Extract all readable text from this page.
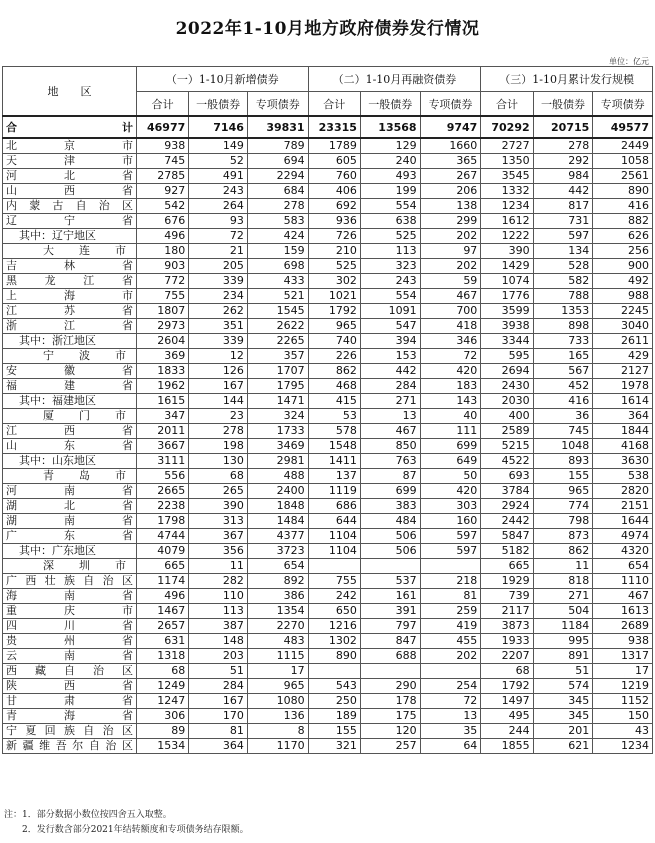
2022年1-10月地方政府债券发行情况
单位：亿元
地　　区	（一）1-10月新增债券			（二）1-10月再融资债券			（三）1-10月累计发行规模		
	合计	一般债券	专项债券	合计	一般债券	专项债券	合计	一般债券	专项债券
合计	46977	7146	39831	23315	13568	9747	70292	20715	49577
北京市	938	149	789	1789	129	1660	2727	278	2449
天津市	745	52	694	605	240	365	1350	292	1058
河北省	2785	491	2294	760	493	267	3545	984	2561
山西省	927	243	684	406	199	206	1332	442	890
内蒙古自治区	542	264	278	692	554	138	1234	817	416
辽宁省	676	93	583	936	638	299	1612	731	882
其中：辽宁地区	496	72	424	726	525	202	1222	597	626
大连市	180	21	159	210	113	97	390	134	256
吉林省	903	205	698	525	323	202	1429	528	900
黑龙江省	772	339	433	302	243	59	1074	582	492
上海市	755	234	521	1021	554	467	1776	788	988
江苏省	1807	262	1545	1792	1091	700	3599	1353	2245
浙江省	2973	351	2622	965	547	418	3938	898	3040
其中：浙江地区	2604	339	2265	740	394	346	3344	733	2611
宁波市	369	12	357	226	153	72	595	165	429
安徽省	1833	126	1707	862	442	420	2694	567	2127
福建省	1962	167	1795	468	284	183	2430	452	1978
其中：福建地区	1615	144	1471	415	271	143	2030	416	1614
厦门市	347	23	324	53	13	40	400	36	364
江西省	2011	278	1733	578	467	111	2589	745	1844
山东省	3667	198	3469	1548	850	699	5215	1048	4168
其中：山东地区	3111	130	2981	1411	763	649	4522	893	3630
青岛市	556	68	488	137	87	50	693	155	538
河南省	2665	265	2400	1119	699	420	3784	965	2820
湖北省	2238	390	1848	686	383	303	2924	774	2151
湖南省	1798	313	1484	644	484	160	2442	798	1644
广东省	4744	367	4377	1104	506	597	5847	873	4974
其中：广东地区	4079	356	3723	1104	506	597	5182	862	4320
深圳市	665	11	654				665	11	654
广西壮族自治区	1174	282	892	755	537	218	1929	818	1110
海南省	496	110	386	242	161	81	739	271	467
重庆市	1467	113	1354	650	391	259	2117	504	1613
四川省	2657	387	2270	1216	797	419	3873	1184	2689
贵州省	631	148	483	1302	847	455	1933	995	938
云南省	1318	203	1115	890	688	202	2207	891	1317
西藏自治区	68	51	17				68	51	17
陕西省	1249	284	965	543	290	254	1792	574	1219
甘肃省	1247	167	1080	250	178	72	1497	345	1152
青海省	306	170	136	189	175	13	495	345	150
宁夏回族自治区	89	81	8	155	120	35	244	201	43
新疆维吾尔自治区	1534	364	1170	321	257	64	1855	621	1234
注：1．部分数据小数位按四舍五入取整。
2．发行数含部分2021年结转额度和专项债务结存限额。
